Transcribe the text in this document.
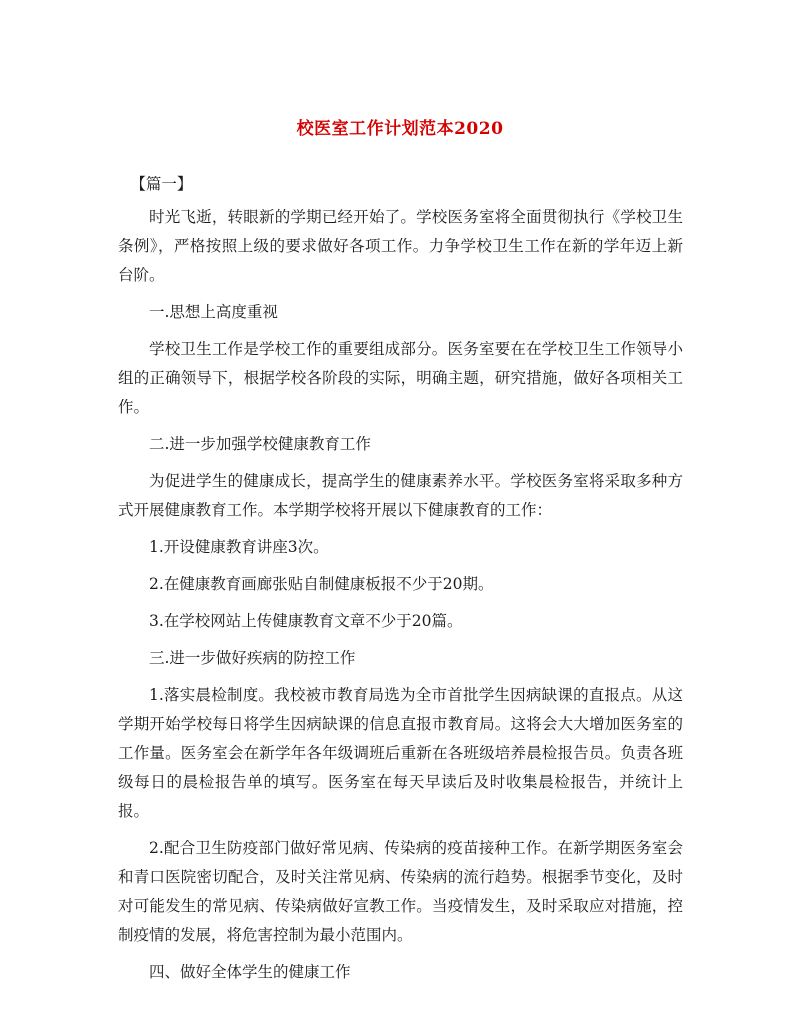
校医室工作计划范本2020

【篇一】

时光飞逝，转眼新的学期已经开始了。学校医务室将全面贯彻执行《学校卫生条例》，严格按照上级的要求做好各项工作。力争学校卫生工作在新的学年迈上新台阶。

一.思想上高度重视

学校卫生工作是学校工作的重要组成部分。医务室要在在学校卫生工作领导小组的正确领导下，根据学校各阶段的实际，明确主题，研究措施，做好各项相关工作。

二.进一步加强学校健康教育工作

为促进学生的健康成长，提高学生的健康素养水平。学校医务室将采取多种方式开展健康教育工作。本学期学校将开展以下健康教育的工作：

1.开设健康教育讲座3次。

2.在健康教育画廊张贴自制健康板报不少于20期。

3.在学校网站上传健康教育文章不少于20篇。

三.进一步做好疾病的防控工作

1.落实晨检制度。我校被市教育局选为全市首批学生因病缺课的直报点。从这学期开始学校每日将学生因病缺课的信息直报市教育局。这将会大大增加医务室的工作量。医务室会在新学年各年级调班后重新在各班级培养晨检报告员。负责各班级每日的晨检报告单的填写。医务室在每天早读后及时收集晨检报告，并统计上报。

2.配合卫生防疫部门做好常见病、传染病的疫苗接种工作。在新学期医务室会和青口医院密切配合，及时关注常见病、传染病的流行趋势。根据季节变化，及时对可能发生的常见病、传染病做好宣教工作。当疫情发生，及时采取应对措施，控制疫情的发展，将危害控制为最小范围内。

四、做好全体学生的健康工作
